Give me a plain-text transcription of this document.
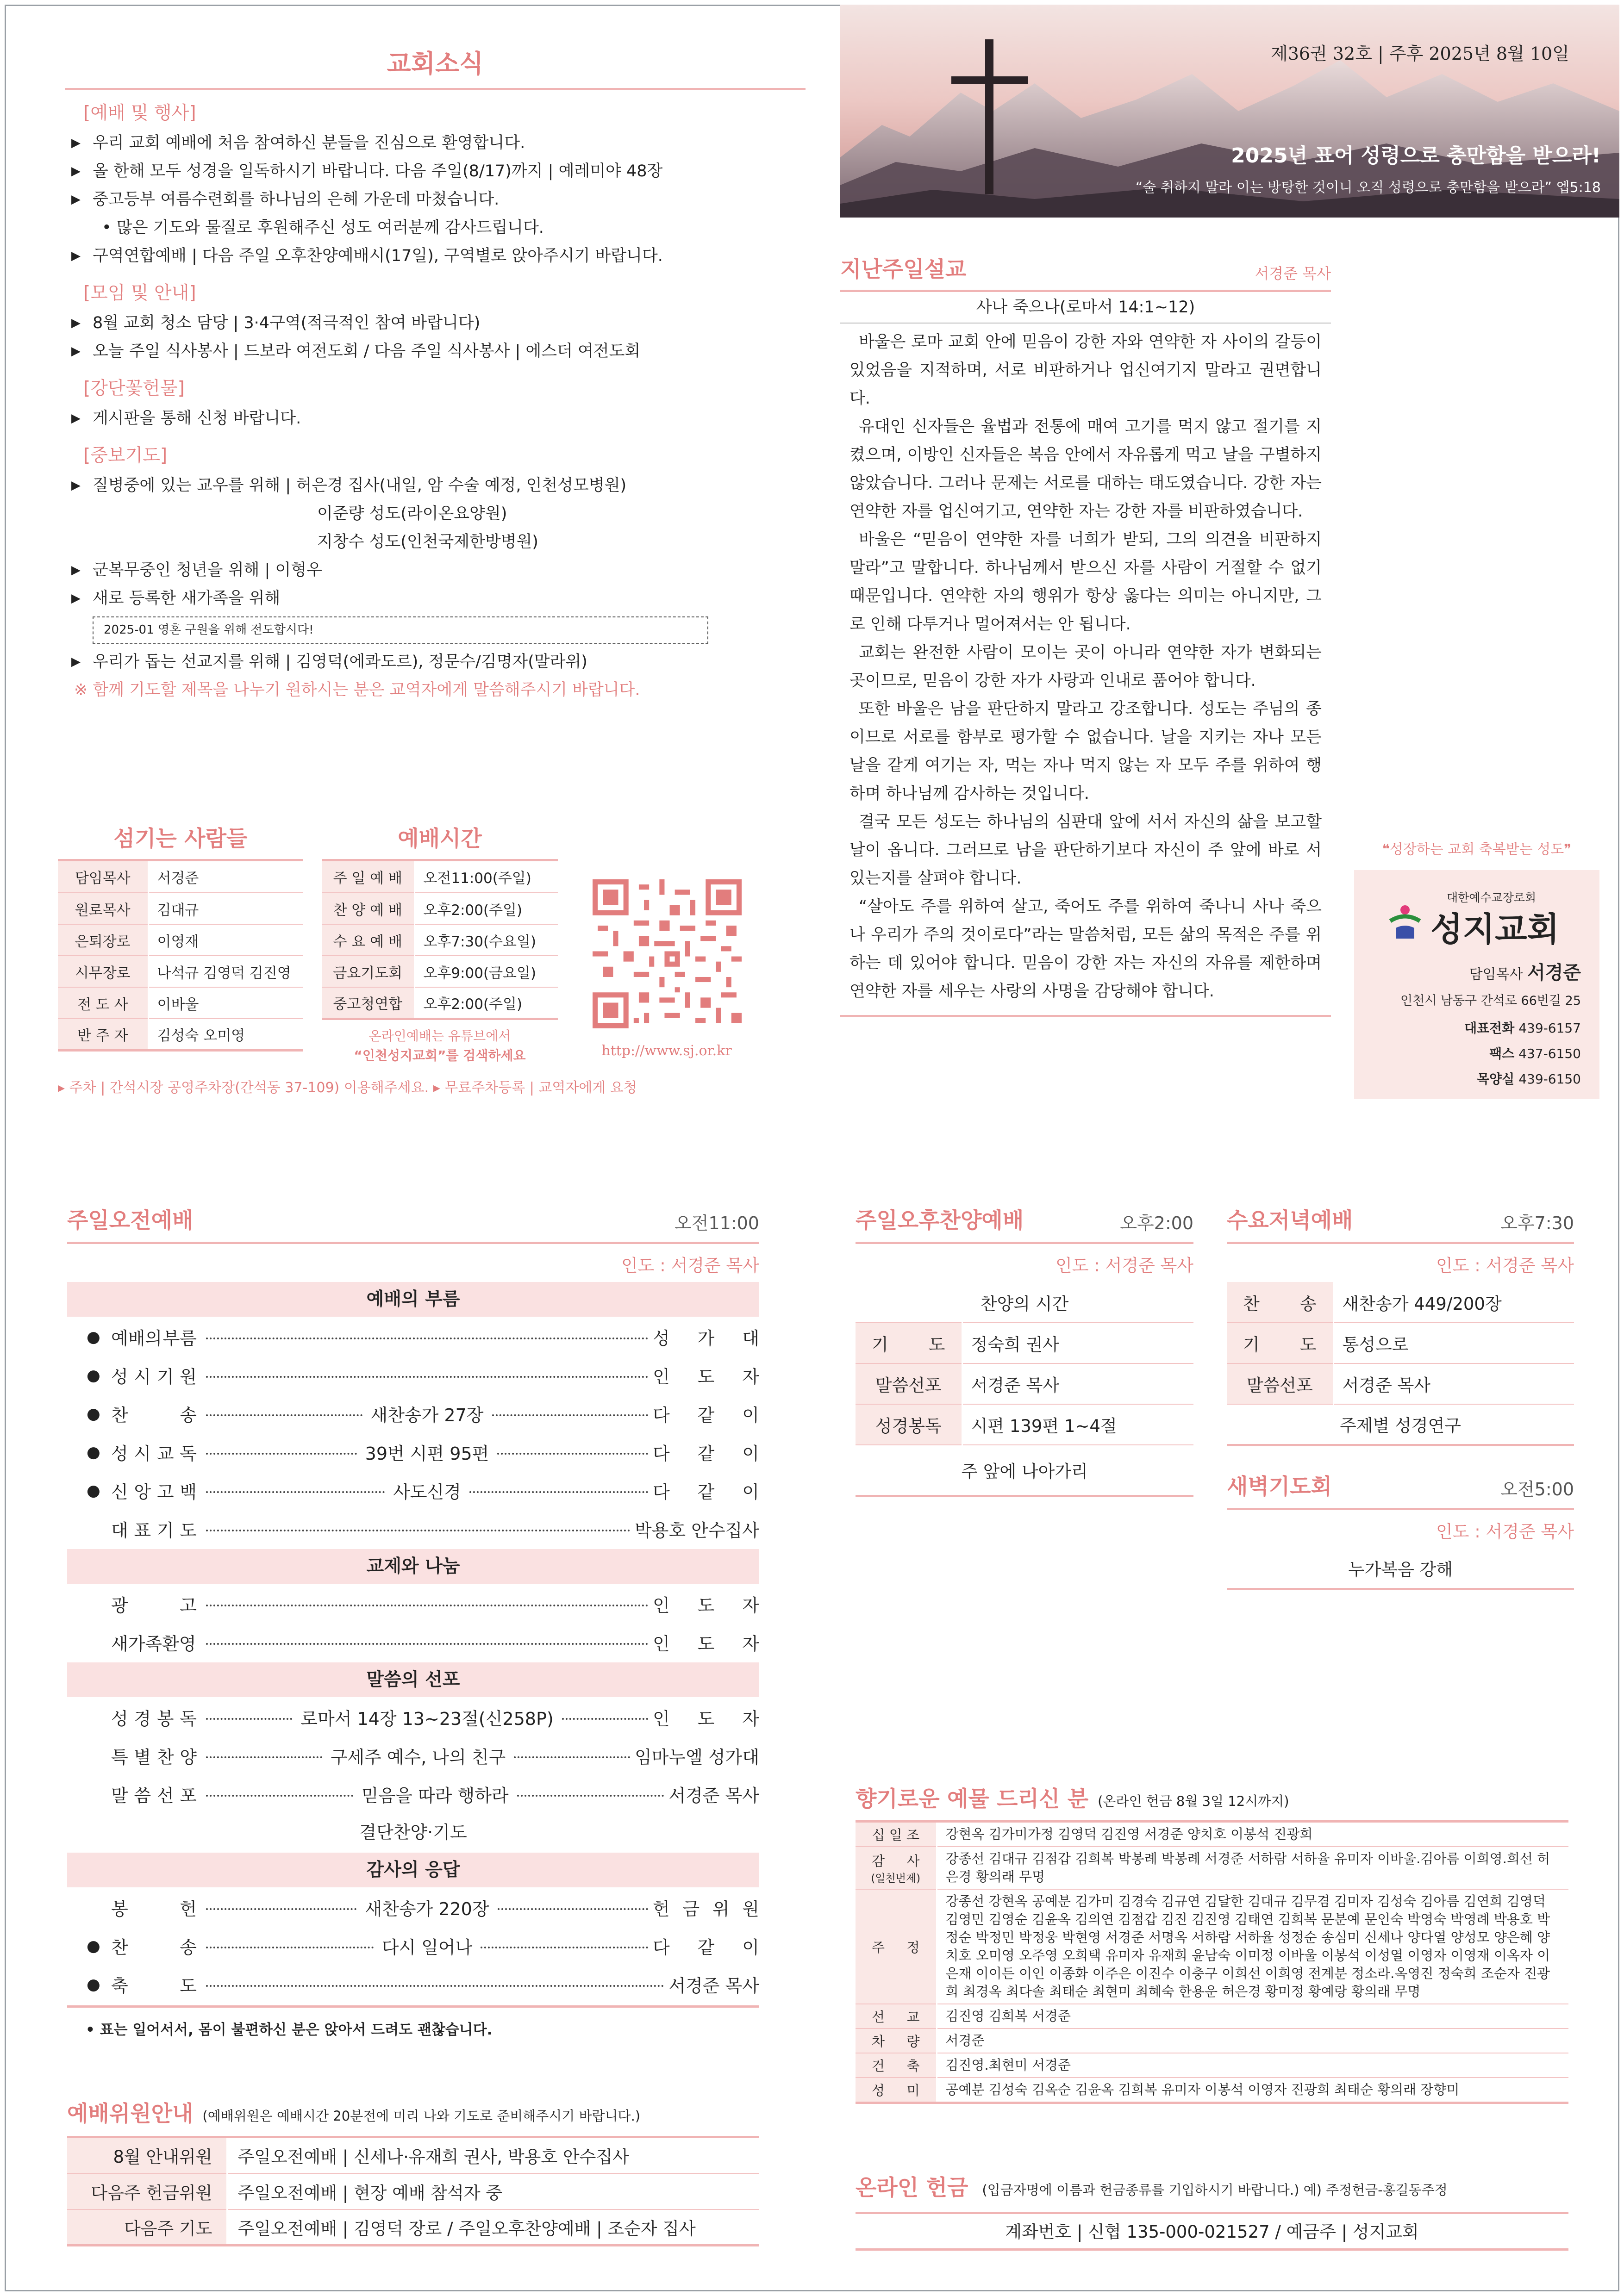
교회소식
[예배 및 행사]
▶ 우리 교회 예배에 처음 참여하신 분들을 진심으로 환영합니다.
▶ 올 한해 모두 성경을 일독하시기 바랍니다. 다음 주일(8/17)까지 | 예레미야 48장
▶ 중고등부 여름수련회를 하나님의 은혜 가운데 마쳤습니다.
• 많은 기도와 물질로 후원해주신 성도 여러분께 감사드립니다.
▶ 구역연합예배 | 다음 주일 오후찬양예배시(17일), 구역별로 앉아주시기 바랍니다.
[모임 및 안내]
▶ 8월 교회 청소 담당 | 3·4구역(적극적인 참여 바랍니다)
▶ 오늘 주일 식사봉사 | 드보라 여전도회 / 다음 주일 식사봉사 | 에스더 여전도회
[강단꽃헌물]
▶ 게시판을 통해 신청 바랍니다.
[중보기도]
▶ 질병중에 있는 교우를 위해 | 허은경 집사(내일, 암 수술 예정, 인천성모병원)
이준량 성도(라이온요양원)
지창수 성도(인천국제한방병원)
▶ 군복무중인 청년을 위해 | 이형우
▶ 새로 등록한 새가족을 위해
2025-01 영혼 구원을 위해 전도합시다!
▶ 우리가 돕는 선교지를 위해 | 김영덕(에콰도르), 정문수/김명자(말라위)
※ 함께 기도할 제목을 나누기 원하시는 분은 교역자에게 말씀해주시기 바랍니다.
제36권 32호 | 주후 2025년 8월 10일
2025년 표어 성령으로 충만함을 받으라!
“술 취하지 말라 이는 방탕한 것이니 오직 성령으로 충만함을 받으라” 엡5:18
지난주일설교	서경준 목사
사나 죽으나(로마서 14:1~12)

바울은 로마 교회 안에 믿음이 강한 자와 연약한 자 사이의 갈등이 있었음을 지적하며, 서로 비판하거나 업신여기지 말라고 권면합니다.

유대인 신자들은 율법과 전통에 매여 고기를 먹지 않고 절기를 지켰으며, 이방인 신자들은 복음 안에서 자유롭게 먹고 날을 구별하지 않았습니다. 그러나 문제는 서로를 대하는 태도였습니다. 강한 자는 연약한 자를 업신여기고, 연약한 자는 강한 자를 비판하였습니다.

바울은 “믿음이 연약한 자를 너희가 받되, 그의 의견을 비판하지 말라”고 말합니다. 하나님께서 받으신 자를 사람이 거절할 수 없기 때문입니다. 연약한 자의 행위가 항상 옳다는 의미는 아니지만, 그로 인해 다투거나 멀어져서는 안 됩니다.

교회는 완전한 사람이 모이는 곳이 아니라 연약한 자가 변화되는 곳이므로, 믿음이 강한 자가 사랑과 인내로 품어야 합니다.

또한 바울은 남을 판단하지 말라고 강조합니다. 성도는 주님의 종이므로 서로를 함부로 평가할 수 없습니다. 날을 지키는 자나 모든 날을 같게 여기는 자, 먹는 자나 먹지 않는 자 모두 주를 위하여 행하며 하나님께 감사하는 것입니다.

결국 모든 성도는 하나님의 심판대 앞에 서서 자신의 삶을 보고할 날이 옵니다. 그러므로 남을 판단하기보다 자신이 주 앞에 바로 서 있는지를 살펴야 합니다.

“살아도 주를 위하여 살고, 죽어도 주를 위하여 죽나니 사나 죽으나 우리가 주의 것이로다”라는 말씀처럼, 모든 삶의 목적은 주를 위하는 데 있어야 합니다. 믿음이 강한 자는 자신의 자유를 제한하며 연약한 자를 세우는 사랑의 사명을 감당해야 합니다.

❝성장하는 교회 축복받는 성도❞
대한예수교장로회
성지교회
담임목사 서경준
인천시 남동구 간석로 66번길 25
대표전화 439-6157
팩스 437-6150
목양실 439-6150
섬기는 사람들
담임목사	서경준
원로목사	김대규
은퇴장로	이영재
시무장로	나석규 김영덕 김진영
전 도 사	이바울
반 주 자	김성숙 오미영
예배시간
주 일 예 배	오전11:00(주일)
찬 양 예 배	오후2:00(주일)
수 요 예 배	오후7:30(수요일)
금요기도회	오후9:00(금요일)
중고청연합	오후2:00(주일)
온라인예배는 유튜브에서
“인천성지교회”를 검색하세요	http://www.sj.or.kr
▸ 주차 | 간석시장 공영주차장(간석동 37-109) 이용해주세요. ▸ 무료주차등록 | 교역자에게 요청
주일오전예배	오전11:00
인도 : 서경준 목사
예배의 부름
● 예배의 부름	성 가 대
● 성 시 기 원	인 도 자
● 찬	송	새찬송가 27장	다 같 이
● 성 시 교 독	39번 시편 95편	다 같 이
● 신 앙 고 백	사도신경	다 같 이
대 표 기 도	박용호 안수집사
교제와 나눔
광	고	인 도 자
새가족환영	인 도 자
말씀의 선포
성 경 봉 독	로마서 14장 13~23절(신258P)	인 도 자
특 별 찬 양	구세주 예수, 나의 친구	임마누엘 성가대
말 씀 선 포	믿음을 따라 행하라	서경준 목사
결단찬양·기도
감사의 응답
봉	헌	새찬송가 220장	헌 금 위 원
● 찬	송	다시 일어나	다 같 이
● 축	도	서경준 목사
• 표는 일어서서, 몸이 불편하신 분은 앉아서 드려도 괜찮습니다.
예배위원안내 (예배위원은 예배시간 20분전에 미리 나와 기도로 준비해주시기 바랍니다.)
8월 안내위원	주일오전예배 | 신세나·유재희 권사, 박용호 안수집사
다음주 헌금위원	주일오전예배 | 현장 예배 참석자 중
다음주 기도	주일오전예배 | 김영덕 장로 / 주일오후찬양예배 | 조순자 집사
주일오후찬양예배	오후2:00
인도 : 서경준 목사
찬양의 시간	

기 도	정숙희 권사
말씀선포	서경준 목사
성경봉독	시편 139편 1~4절
주 앞에 나아가리	
수요저녁예배	오후7:30
인도 : 서경준 목사
찬 송	새찬송가 449/200장

기 도	통성으로
말씀선포	서경준 목사
주제별 성경연구	
새벽기도회	오전5:00
인도 : 서경준 목사
누가복음 강해
향기로운 예물 드리신 분 (온라인 헌금 8월 3일 12시까지)
십 일 조	강현옥 김가미가정 김영덕 김진영 서경준 양치호 이봉석 진광희

감 사
(일천번제)	강종선 김대규 김점갑 김희복 박봉례 박봉례 서경준 서하람 서하율 유미자 이바울.김아름 이희영.희선 허은경 황의래 무명

주 정	강종선 강현옥 공예분 김가미 김경숙 김규연 김달한 김대규 김무겸 김미자 김성숙 김아름 김연희 김영덕 김영민 김영순 김윤옥 김의연 김점갑 김진 김진영 김태연 김희복 문분예 문인숙 박영숙 박영례 박용호 박정순 박정민 박정웅 박현영 서경준 서명옥 서하람 서하율 성정순 송심미 신세나 양다열 양성모 양은혜 양치호 오미영 오주영 오희택 유미자 유재희 윤남숙 이미정 이바울 이봉석 이성열 이영자 이영재 이옥자 이은재 이이든 이인 이종화 이주은 이진수 이충구 이희선 이희영 전계분 정소라.옥영진 정숙희 조순자 진광희 최경옥 최다솔 최태순 최현미 최혜숙 한용운 허은경 황미정 황예랑 황의래 무명

선 교	김진영 김희복 서경준

차 량	서경준

건 축	김진영.최현미 서경준

성 미	공예분 김성숙 김옥순 김윤옥 김희복 유미자 이봉석 이영자 진광희 최태순 황의래 장향미
온라인 헌금 (입금자명에 이름과 헌금종류를 기입하시기 바랍니다.) 예) 주정헌금-홍길동주정
계좌번호 | 신협 135-000-021527 / 예금주 | 성지교회
